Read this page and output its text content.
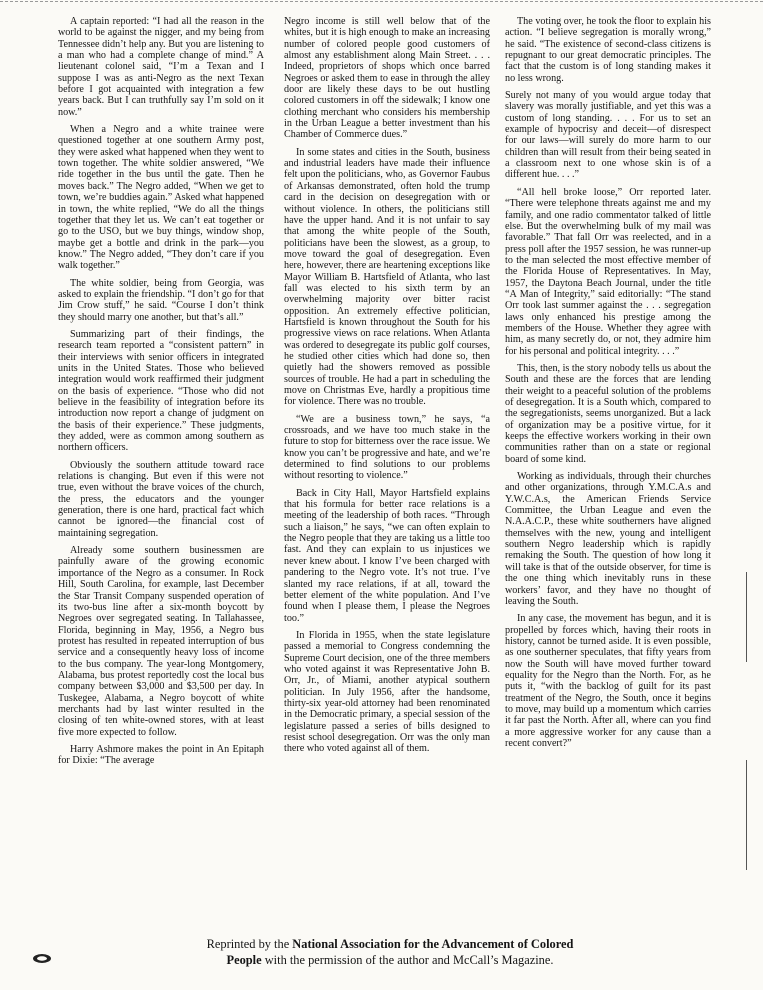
A captain reported: “I had all the reason in the world to be against the nigger, and my being from Tennessee didn’t help any. But you are listening to a man who had a complete change of mind.” A lieutenant colonel said, “I’m a Texan and I suppose I was as anti-Negro as the next Texan before I got acquainted with integration a few years back. But I can truthfully say I’m sold on it now.”

When a Negro and a white trainee were questioned together at one southern Army post, they were asked what happened when they went to town together. The white soldier answered, “We ride together in the bus until the gate. Then he moves back.” The Negro added, “When we get to town, we’re buddies again.” Asked what happened in town, the white replied, “We do all the things together that they let us. We can’t eat together or go to the USO, but we buy things, window shop, maybe get a bottle and drink in the park—you know.” The Negro added, “They don’t care if you walk together.”

The white soldier, being from Georgia, was asked to explain the friendship. “I don’t go for that Jim Crow stuff,” he said. “Course I don’t think they should marry one another, but that’s all.”

Summarizing part of their findings, the research team reported a “consistent pattern” in their interviews with senior officers in integrated units in the United States. Those who believed integration would work reaffirmed their judgment on the basis of experience. “Those who did not believe in the feasibility of integration before its introduction now report a change of judgment on the basis of their experience.” These judgments, they added, were as common among southern as northern officers.

Obviously the southern attitude toward race relations is changing. But even if this were not true, even without the brave voices of the church, the press, the educators and the younger generation, there is one hard, practical fact which cannot be ignored—the financial cost of maintaining segregation.

Already some southern businessmen are painfully aware of the growing economic importance of the Negro as a consumer. In Rock Hill, South Carolina, for example, last December the Star Transit Company suspended operation of its two-bus line after a six-month boycott by Negroes over segregated seating. In Tallahassee, Florida, beginning in May, 1956, a Negro bus protest has resulted in repeated interruption of bus service and a consequently heavy loss of income to the bus company. The year-long Montgomery, Alabama, bus protest reportedly cost the local bus company between $3,000 and $3,500 per day. In Tuskegee, Alabama, a Negro boycott of white merchants had by last winter resulted in the closing of ten white-owned stores, with at least five more expected to follow.

Harry Ashmore makes the point in An Epitaph for Dixie: “The average

Negro income is still well below that of the whites, but it is high enough to make an increasing number of colored people good customers of almost any establishment along Main Street. . . . Indeed, proprietors of shops which once barred Negroes or asked them to ease in through the alley door are likely these days to be out hustling colored customers in off the sidewalk; I know one clothing merchant who considers his membership in the Urban League a better investment than his Chamber of Commerce dues.”

In some states and cities in the South, business and industrial leaders have made their influence felt upon the politicians, who, as Governor Faubus of Arkansas demonstrated, often hold the trump card in the decision on desegregation with or without violence. In others, the politicians still have the upper hand. And it is not unfair to say that among the white people of the South, politicians have been the slowest, as a group, to move toward the goal of desegregation. Even here, however, there are heartening exceptions like Mayor William B. Hartsfield of Atlanta, who last fall was elected to his sixth term by an overwhelming majority over bitter racist opposition. An extremely effective politician, Hartsfield is known throughout the South for his progressive views on race relations. When Atlanta was ordered to desegregate its public golf courses, he studied other cities which had done so, then quietly had the showers removed as possible sources of trouble. He had a part in scheduling the move on Christmas Eve, hardly a propitious time for violence. There was no trouble.

“We are a business town,” he says, “a crossroads, and we have too much stake in the future to stop for bitterness over the race issue. We know you can’t be progressive and hate, and we’re determined to find solutions to our problems without resorting to violence.”

Back in City Hall, Mayor Hartsfield explains that his formula for better race relations is a meeting of the leadership of both races. “Through such a liaison,” he says, “we can often explain to the Negro people that they are taking us a little too fast. And they can explain to us injustices we never knew about. I know I’ve been charged with pandering to the Negro vote. It’s not true. I’ve slanted my race relations, if at all, toward the better element of the white population. And I’ve found when I please them, I please the Negroes too.”

In Florida in 1955, when the state legislature passed a memorial to Congress condemning the Supreme Court decision, one of the three members who voted against it was Representative John B. Orr, Jr., of Miami, another atypical southern politician. In July 1956, after the handsome, thirty-six year-old attorney had been renominated in the Democratic primary, a special session of the legislature passed a series of bills designed to resist school desegregation. Orr was the only man there who voted against all of them.

The voting over, he took the floor to explain his action. “I believe segregation is morally wrong,” he said. “The existence of second-class citizens is repugnant to our great democratic principles. The fact that the custom is of long standing makes it no less wrong.

Surely not many of you would argue today that slavery was morally justifiable, and yet this was a custom of long standing. . . . For us to set an example of hypocrisy and deceit—of disrespect for our laws—will surely do more harm to our children than will result from their being seated in a classroom next to one whose skin is of a different hue. . . .”

“All hell broke loose,” Orr reported later. “There were telephone threats against me and my family, and one radio commentator talked of little else. But the overwhelming bulk of my mail was favorable.” That fall Orr was reelected, and in a press poll after the 1957 session, he was runner-up to the man selected the most effective member of the Florida House of Representatives. In May, 1957, the Daytona Beach Journal, under the title “A Man of Integrity,” said editorially: “The stand Orr took last summer against the . . . segregation laws only enhanced his prestige among the members of the House. Whether they agree with him, as many secretly do, or not, they admire him for his personal and political integrity. . . .”

This, then, is the story nobody tells us about the South and these are the forces that are lending their weight to a peaceful solution of the problems of desegregation. It is a South which, compared to the segregationists, seems unorganized. But a lack of organization may be a positive virtue, for it keeps the effective workers working in their own communities rather than on a state or regional board of some kind.

Working as individuals, through their churches and other organizations, through Y.M.C.A.s and Y.W.C.A.s, the American Friends Service Committee, the Urban League and even the N.A.A.C.P., these white southerners have aligned themselves with the new, young and intelligent southern Negro leadership which is rapidly remaking the South. The question of how long it will take is that of the outside observer, for time is the one thing which inevitably runs in these workers’ favor, and they have no thought of leaving the South.

In any case, the movement has begun, and it is propelled by forces which, having their roots in history, cannot be turned aside. It is even possible, as one southerner speculates, that fifty years from now the South will have moved further toward equality for the Negro than the North. For, as he puts it, “with the backlog of guilt for its past treatment of the Negro, the South, once it begins to move, may build up a momentum which carries it far past the North. After all, where can you find a more aggressive worker for any cause than a recent convert?”

Reprinted by the National Association for the Advancement of Colored
People with the permission of the author and McCall’s Magazine.
